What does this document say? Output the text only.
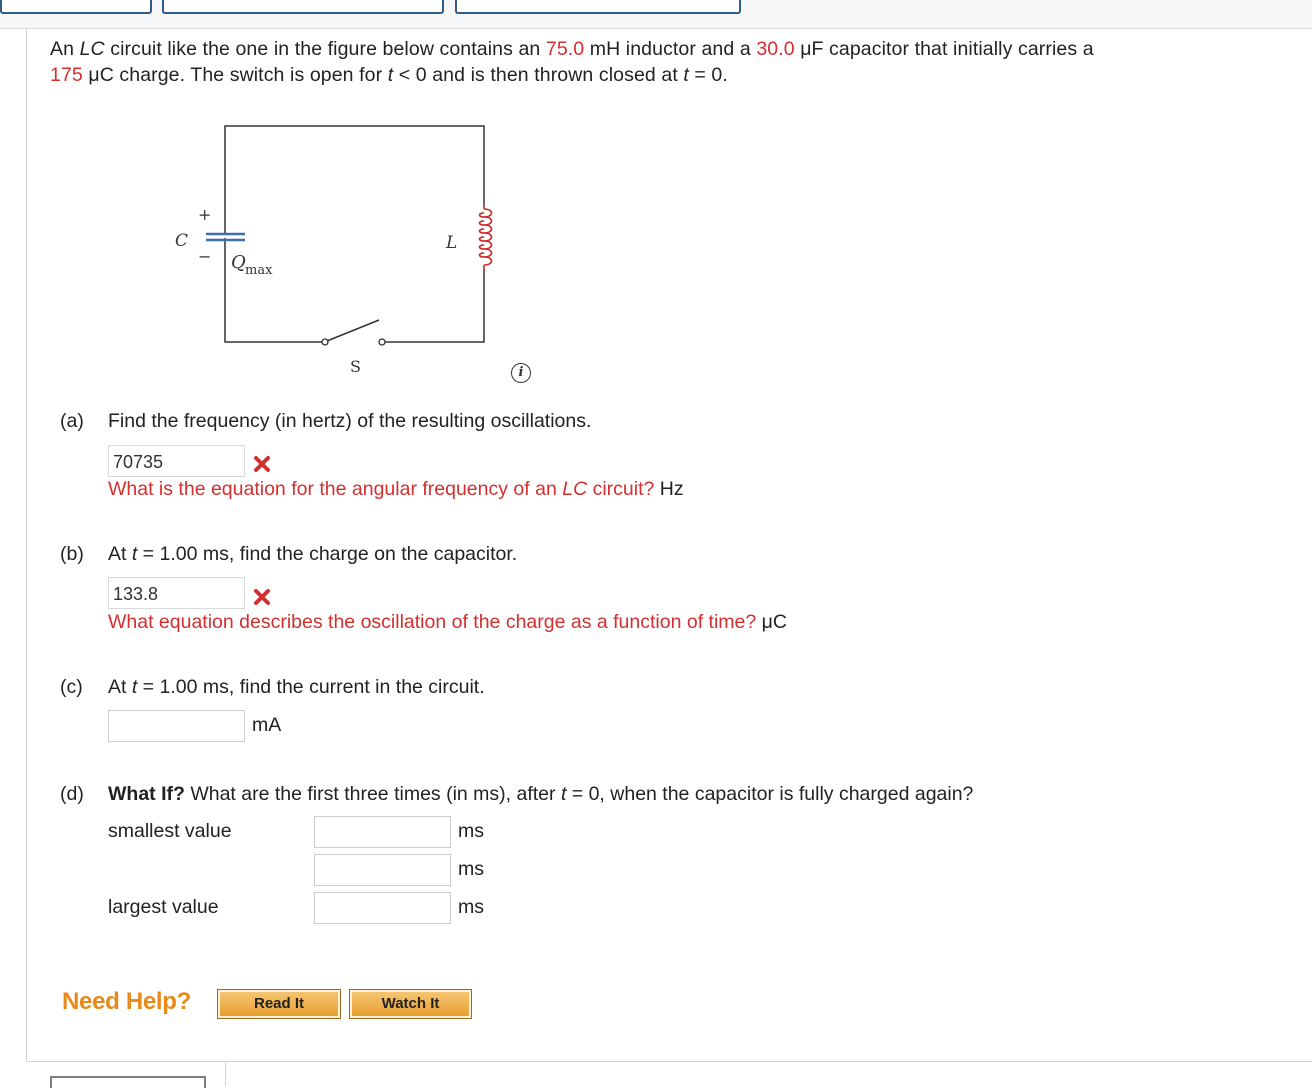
An LC circuit like the one in the figure below contains an 75.0 mH inductor and a 30.0 μF capacitor that initially carries a
175 μC charge. The switch is open for t < 0 and is then thrown closed at t = 0.
+
−
C
Q max
L
S	i
(a) Find the frequency (in hertz) of the resulting oscillations.
70735
What is the equation for the angular frequency of an LC circuit? Hz
(b) At t = 1.00 ms, find the charge on the capacitor.
133.8
What equation describes the oscillation of the charge as a function of time? μC
(c) At t = 1.00 ms, find the current in the circuit.
mA
(d) What If? What are the first three times (in ms), after t = 0, when the capacitor is fully charged again?
smallest value	ms
ms
largest value	ms
Need Help?	Read It	Watch It
